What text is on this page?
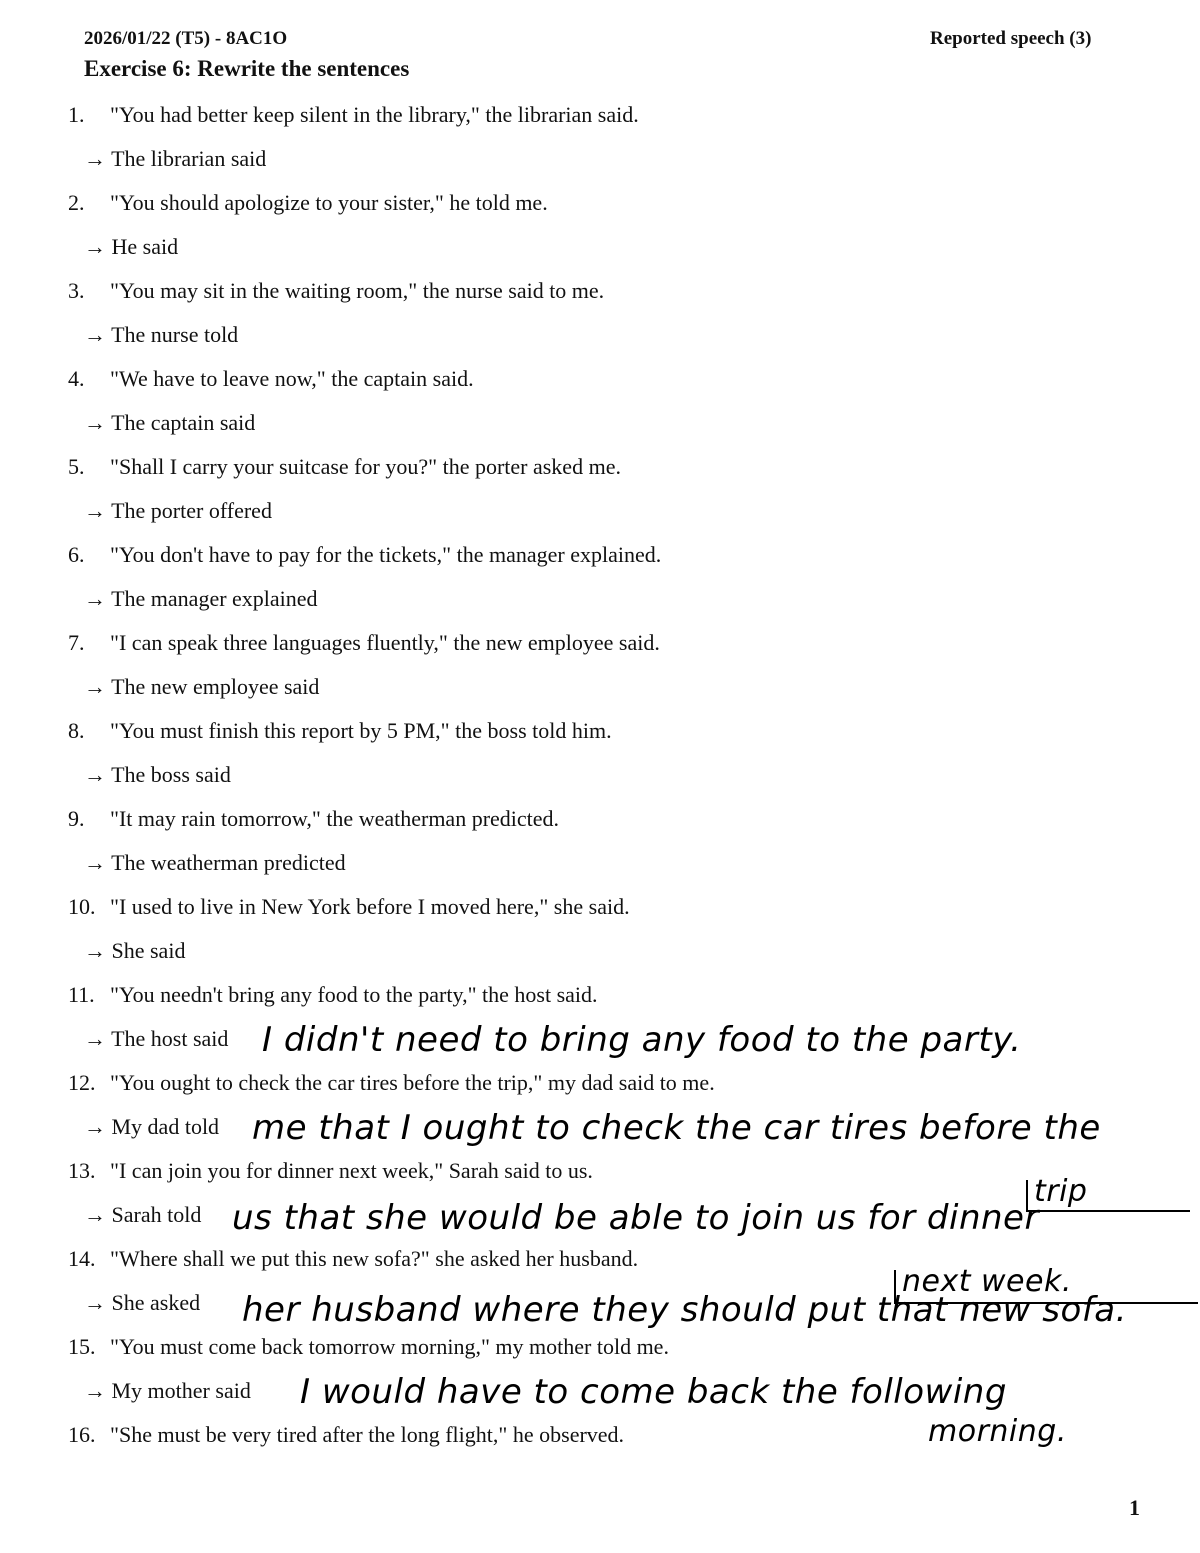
2026/01/22 (T5) - 8AC1O	Reported speech (3)
Exercise 6: Rewrite the sentences
1. "You had better keep silent in the library," the librarian said.
→ The librarian said
2. "You should apologize to your sister," he told me.
→ He said
3. "You may sit in the waiting room," the nurse said to me.
→ The nurse told
4. "We have to leave now," the captain said.
→ The captain said
5. "Shall I carry your suitcase for you?" the porter asked me.
→ The porter offered
6. "You don't have to pay for the tickets," the manager explained.
→ The manager explained
7. "I can speak three languages fluently," the new employee said.
→ The new employee said
8. "You must finish this report by 5 PM," the boss told him.
→ The boss said
9. "It may rain tomorrow," the weatherman predicted.
→ The weatherman predicted
10. "I used to live in New York before I moved here," she said.
→ She said
11. "You needn't bring any food to the party," the host said.
→ The host said
12. "You ought to check the car tires before the trip," my dad said to me.
→ My dad told
13. "I can join you for dinner next week," Sarah said to us.
→ Sarah told
14. "Where shall we put this new sofa?" she asked her husband.
→ She asked
15. "You must come back tomorrow morning," my mother told me.
→ My mother said
16. "She must be very tired after the long flight," he observed.
I didn't need to bring any food to the party.
me that I ought to check the car tires before the
trip
us that she would be able to join us for dinner
next week.
her husband where they should put that new sofa.
I would have to come back the following
morning.
1
